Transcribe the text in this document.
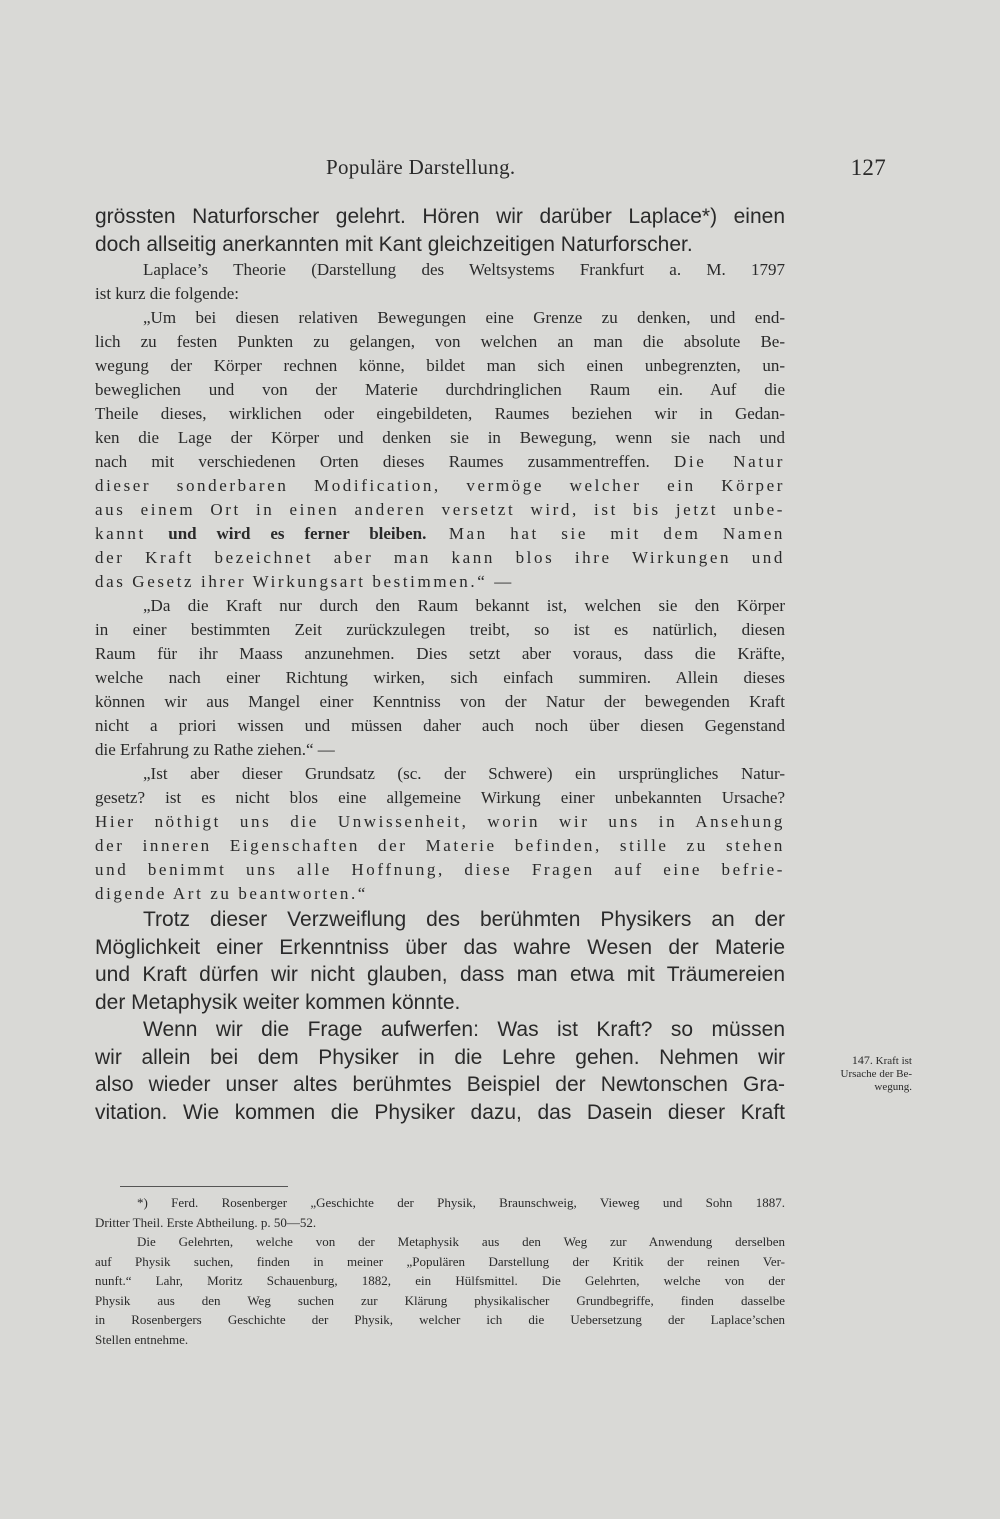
Populäre Darstellung.	127
grössten Naturforscher gelehrt. Hören wir darüber Laplace*) einen
doch allseitig anerkannten mit Kant gleichzeitigen Naturforscher.
Laplace’s Theorie (Darstellung des Weltsystems Frankfurt a. M. 1797
ist kurz die folgende:
„Um bei diesen relativen Bewegungen eine Grenze zu denken, und end-
lich zu festen Punkten zu gelangen, von welchen an man die absolute Be-
wegung der Körper rechnen könne, bildet man sich einen unbegrenzten, un-
beweglichen und von der Materie durchdringlichen Raum ein. Auf die
Theile dieses, wirklichen oder eingebildeten, Raumes beziehen wir in Gedan-
ken die Lage der Körper und denken sie in Bewegung, wenn sie nach und
nach mit verschiedenen Orten dieses Raumes zusammentreffen. Die Natur
dieser sonderbaren Modification, vermöge welcher ein Körper
aus einem Ort in einen anderen versetzt wird, ist bis jetzt unbe-
kannt und wird es ferner bleiben. Man hat sie mit dem Namen
der Kraft bezeichnet aber man kann blos ihre Wirkungen und
das Gesetz ihrer Wirkungsart bestimmen.“ —
„Da die Kraft nur durch den Raum bekannt ist, welchen sie den Körper
in einer bestimmten Zeit zurückzulegen treibt, so ist es natürlich, diesen
Raum für ihr Maass anzunehmen. Dies setzt aber voraus, dass die Kräfte,
welche nach einer Richtung wirken, sich einfach summiren. Allein dieses
können wir aus Mangel einer Kenntniss von der Natur der bewegenden Kraft
nicht a priori wissen und müssen daher auch noch über diesen Gegenstand
die Erfahrung zu Rathe ziehen.“ —
„Ist aber dieser Grundsatz (sc. der Schwere) ein ursprüngliches Natur-
gesetz? ist es nicht blos eine allgemeine Wirkung einer unbekannten Ursache?
Hier nöthigt uns die Unwissenheit, worin wir uns in Ansehung
der inneren Eigenschaften der Materie befinden, stille zu stehen
und benimmt uns alle Hoffnung, diese Fragen auf eine befrie-
digende Art zu beantworten.“
Trotz dieser Verzweiflung des berühmten Physikers an der
Möglichkeit einer Erkenntniss über das wahre Wesen der Materie
und Kraft dürfen wir nicht glauben, dass man etwa mit Träumereien
der Metaphysik weiter kommen könnte.
Wenn wir die Frage aufwerfen: Was ist Kraft? so müssen
wir allein bei dem Physiker in die Lehre gehen. Nehmen wir
also wieder unser altes berühmtes Beispiel der Newtonschen Gra-
vitation. Wie kommen die Physiker dazu, das Dasein dieser Kraft
147. Kraft ist
Ursache der Be-
wegung.
*) Ferd. Rosenberger „Geschichte der Physik, Braunschweig, Vieweg und Sohn 1887.
Dritter Theil. Erste Abtheilung. p. 50—52.
Die Gelehrten, welche von der Metaphysik aus den Weg zur Anwendung derselben
auf Physik suchen, finden in meiner „Populären Darstellung der Kritik der reinen Ver-
nunft.“ Lahr, Moritz Schauenburg, 1882, ein Hülfsmittel. Die Gelehrten, welche von der
Physik aus den Weg suchen zur Klärung physikalischer Grundbegriffe, finden dasselbe
in Rosenbergers Geschichte der Physik, welcher ich die Uebersetzung der Laplace’schen
Stellen entnehme.
